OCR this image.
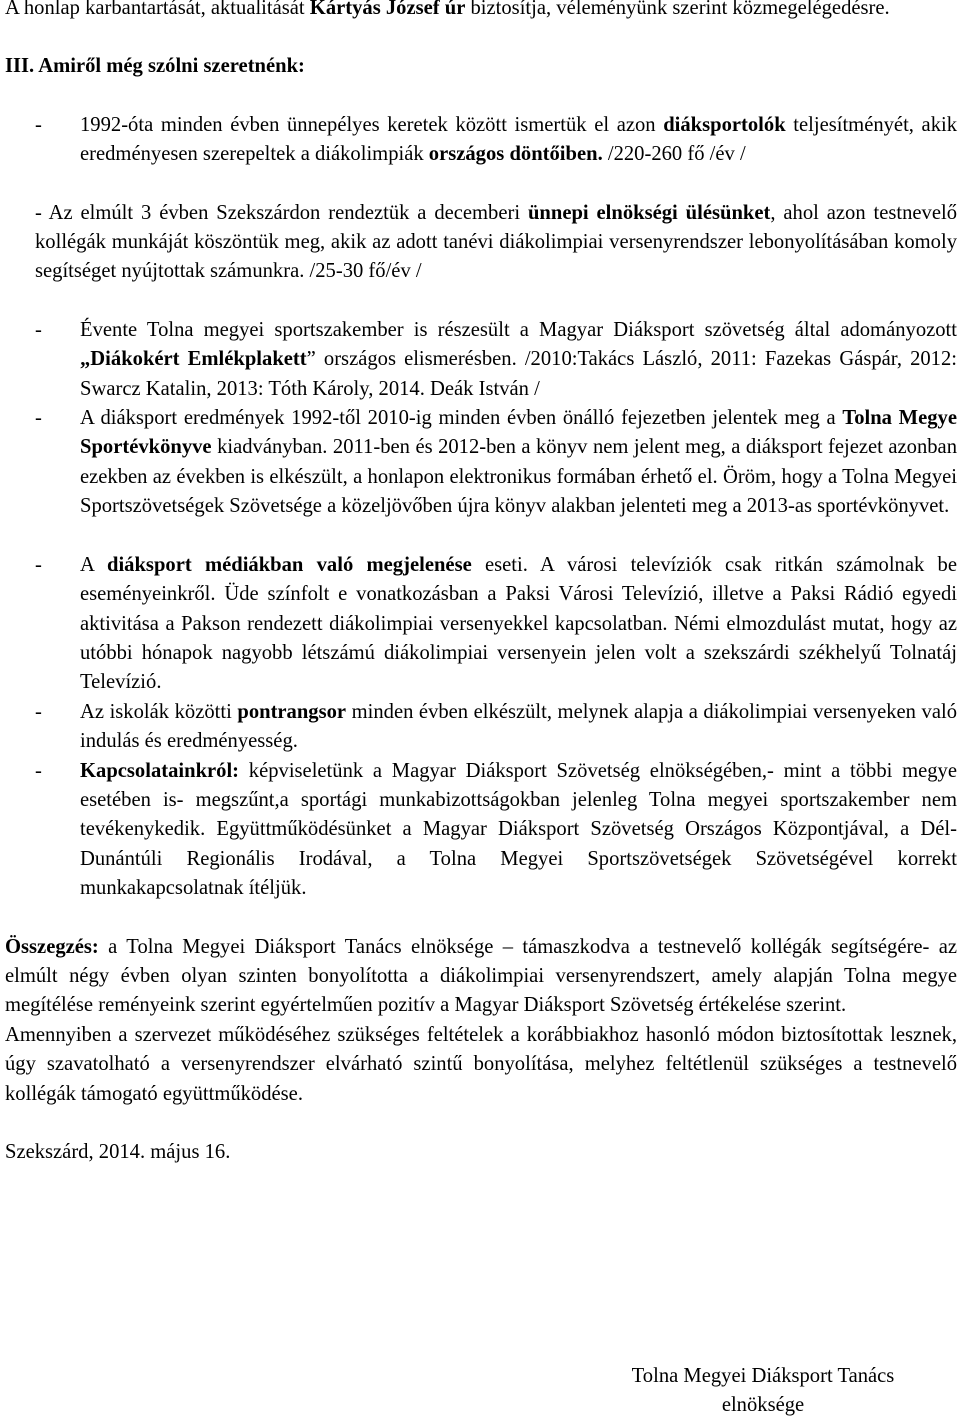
A honlap karbantartását, aktualitását Kártyás József úr biztosítja, véleményünk szerint közmegelégedésre.

III. Amiről még szólni szeretnénk:

-	1992-óta minden évben ünnepélyes keretek között ismertük el azon diáksportolók teljesítményét, akik eredményesen szerepeltek a diákolimpiák országos döntőiben. /220-260 fő /év /

- Az elmúlt 3 évben Szekszárdon rendeztük a decemberi ünnepi elnökségi ülésünket, ahol azon testnevelő kollégák munkáját köszöntük meg, akik az adott tanévi diákolimpiai versenyrendszer lebonyolításában komoly segítséget nyújtottak számunkra. /25-30 fő/év /

-	Évente Tolna megyei sportszakember is részesült a Magyar Diáksport szövetség által adományozott „Diákokért Emlékplakett” országos elismerésben. /2010:Takács László, 2011: Fazekas Gáspár, 2012: Swarcz Katalin, 2013: Tóth Károly, 2014. Deák István /
-	A diáksport eredmények 1992-től 2010-ig minden évben önálló fejezetben jelentek meg a Tolna Megye Sportévkönyve kiadványban. 2011-ben és 2012-ben a könyv nem jelent meg, a diáksport fejezet azonban ezekben az években is elkészült, a honlapon elektronikus formában érhető el. Öröm, hogy a Tolna Megyei Sportszövetségek Szövetsége a közeljövőben újra könyv alakban jelenteti meg a 2013-as sportévkönyvet.
-	A diáksport médiákban való megjelenése eseti. A városi televíziók csak ritkán számolnak be eseményeinkről. Üde színfolt e vonatkozásban a Paksi Városi Televízió, illetve a Paksi Rádió egyedi aktivitása a Pakson rendezett diákolimpiai versenyekkel kapcsolatban. Némi elmozdulást mutat, hogy az utóbbi hónapok nagyobb létszámú diákolimpiai versenyein jelen volt a szekszárdi székhelyű Tolnatáj Televízió.
-	Az iskolák közötti pontrangsor minden évben elkészült, melynek alapja a diákolimpiai versenyeken való indulás és eredményesség.
-	Kapcsolatainkról: képviseletünk a Magyar Diáksport Szövetség elnökségében,- mint a többi megye esetében is- megszűnt,a sportági munkabizottságokban jelenleg Tolna megyei sportszakember nem tevékenykedik. Együttműködésünket a Magyar Diáksport Szövetség Országos Központjával, a Dél-Dunántúli Regionális Irodával, a Tolna Megyei Sportszövetségek Szövetségével korrekt munkakapcsolatnak ítéljük.

Összegzés: a Tolna Megyei Diáksport Tanács elnöksége – támaszkodva a testnevelő kollégák segítségére- az elmúlt négy évben olyan szinten bonyolította a diákolimpiai versenyrendszert, amely alapján Tolna megye megítélése reményeink szerint egyértelműen pozitív a Magyar Diáksport Szövetség értékelése szerint.

Amennyiben a szervezet működéséhez szükséges feltételek a korábbiakhoz hasonló módon biztosítottak lesznek, úgy szavatolható a versenyrendszer elvárható szintű bonyolítása, melyhez feltétlenül szükséges a testnevelő kollégák támogató együttműködése.

Szekszárd, 2014. május 16.

Tolna Megyei Diáksport Tanács
elnöksége
